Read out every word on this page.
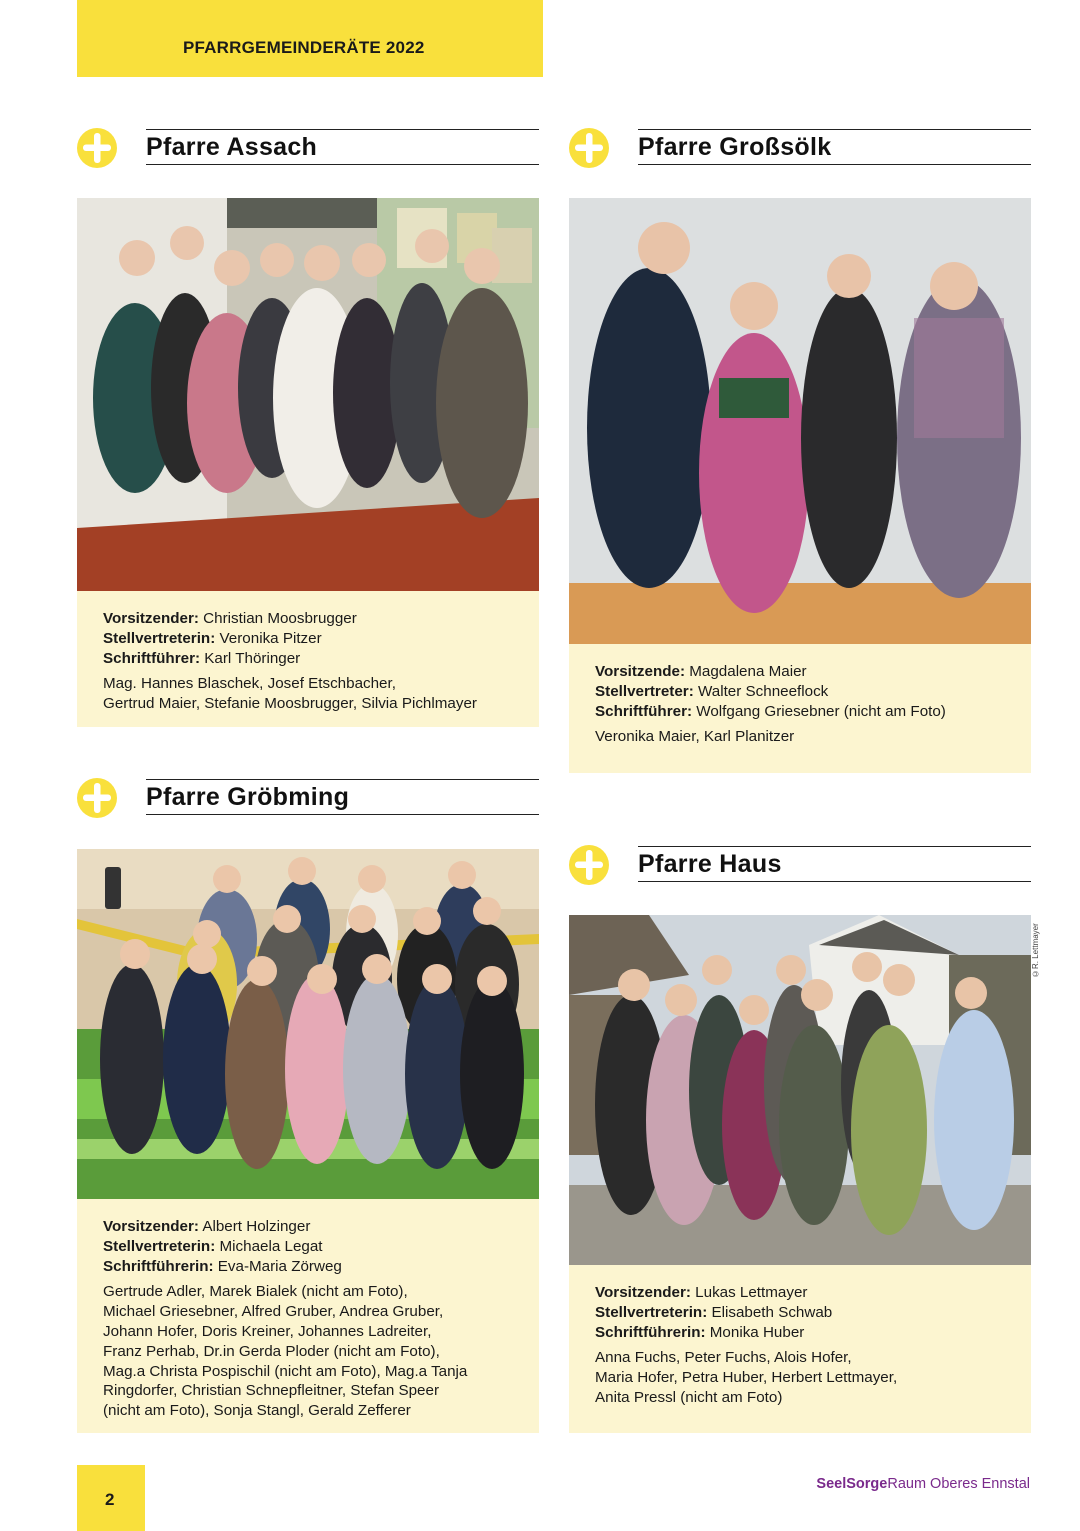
PFARRGEMEINDERÄTE 2022
Pfarre Assach
Vorsitzender: Christian Moosbrugger
Stellvertreterin: Veronika Pitzer
Schriftführer: Karl Thöringer
Mag. Hannes Blaschek, Josef Etschbacher,
Gertrud Maier, Stefanie Moosbrugger, Silvia Pichlmayer
Pfarre Großsölk
Vorsitzende: Magdalena Maier
Stellvertreter: Walter Schneeflock
Schriftführer: Wolfgang Griesebner (nicht am Foto)
Veronika Maier, Karl Planitzer
Pfarre Gröbming
Vorsitzender: Albert Holzinger
Stellvertreterin: Michaela Legat
Schriftführerin: Eva-Maria Zörweg
Gertrude Adler, Marek Bialek (nicht am Foto),
Michael Griesebner, Alfred Gruber, Andrea Gruber,
Johann Hofer, Doris Kreiner, Johannes Ladreiter,
Franz Perhab, Dr.in Gerda Ploder (nicht am Foto),
Mag.a Christa Pospischil (nicht am Foto), Mag.a Tanja
Ringdorfer, Christian Schnepfleitner, Stefan Speer
(nicht am Foto), Sonja Stangl, Gerald Zefferer
Pfarre Haus
©R. Lettmayer
Vorsitzender: Lukas Lettmayer
Stellvertreterin: Elisabeth Schwab
Schriftführerin: Monika Huber
Anna Fuchs, Peter Fuchs, Alois Hofer,
Maria Hofer, Petra Huber, Herbert Lettmayer,
Anita Pressl (nicht am Foto)
2
SeelSorgeRaum Oberes Ennstal
